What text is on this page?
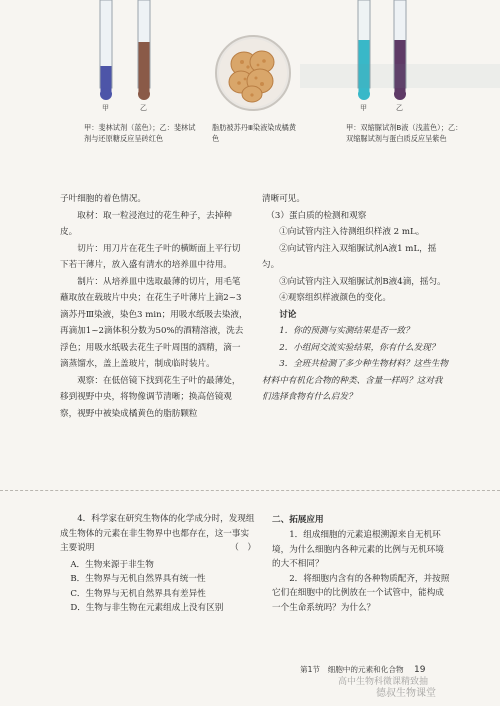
甲	乙
甲：斐林试剂（蓝色）；乙：斐林试剂与还原糖反应呈砖红色
脂肪被苏丹Ⅲ染液染成橘黄色
甲	乙
甲：双缩脲试剂B液（浅蓝色）；乙：双缩脲试剂与蛋白质反应呈紫色

子叶细胞的着色情况。

取材：取一粒浸泡过的花生种子，去掉种皮。

切片：用刀片在花生子叶的横断面上平行切下若干薄片，放入盛有清水的培养皿中待用。

制片：从培养皿中选取最薄的切片，用毛笔蘸取放在载玻片中央；在花生子叶薄片上滴2~3滴苏丹Ⅲ染液，染色3 min；用吸水纸吸去染液，再滴加1~2滴体积分数为50%的酒精溶液，洗去浮色；用吸水纸吸去花生子叶周围的酒精，滴一滴蒸馏水，盖上盖玻片，制成临时装片。

观察：在低倍镜下找到花生子叶的最薄处，移到视野中央，将物像调节清晰；换高倍镜观察，视野中被染成橘黄色的脂肪颗粒

清晰可见。

（3）蛋白质的检测和观察

①向试管内注入待测组织样液 2 mL。

②向试管内注入双缩脲试剂A液1 mL，摇匀。

③向试管内注入双缩脲试剂B液4滴，摇匀。

④观察组织样液颜色的变化。

讨论

1．你的预测与实测结果是否一致？

2．小组间交流实验结果，你有什么发现？

3．全班共检测了多少种生物材料？这些生物材料中有机化合物的种类、含量一样吗？这对我们选择食物有什么启发？

4．科学家在研究生物体的化学成分时，发现组成生物体的元素在非生物界中也都存在，这一事实主要说明	（　）

A．生物来源于非生物
B．生物界与无机自然界具有统一性
C．生物界与无机自然界具有差异性
D．生物与非生物在元素组成上没有区别

二、拓展应用

1．组成细胞的元素追根溯源来自无机环境，为什么细胞内各种元素的比例与无机环境的大不相同？

2．将细胞内含有的各种物质配齐，并按照它们在细胞中的比例放在一个试管中，能构成一个生命系统吗？为什么？

第1节　细胞中的元素和化合物 19
高中生物科微课精致抽
德叔生物课堂
